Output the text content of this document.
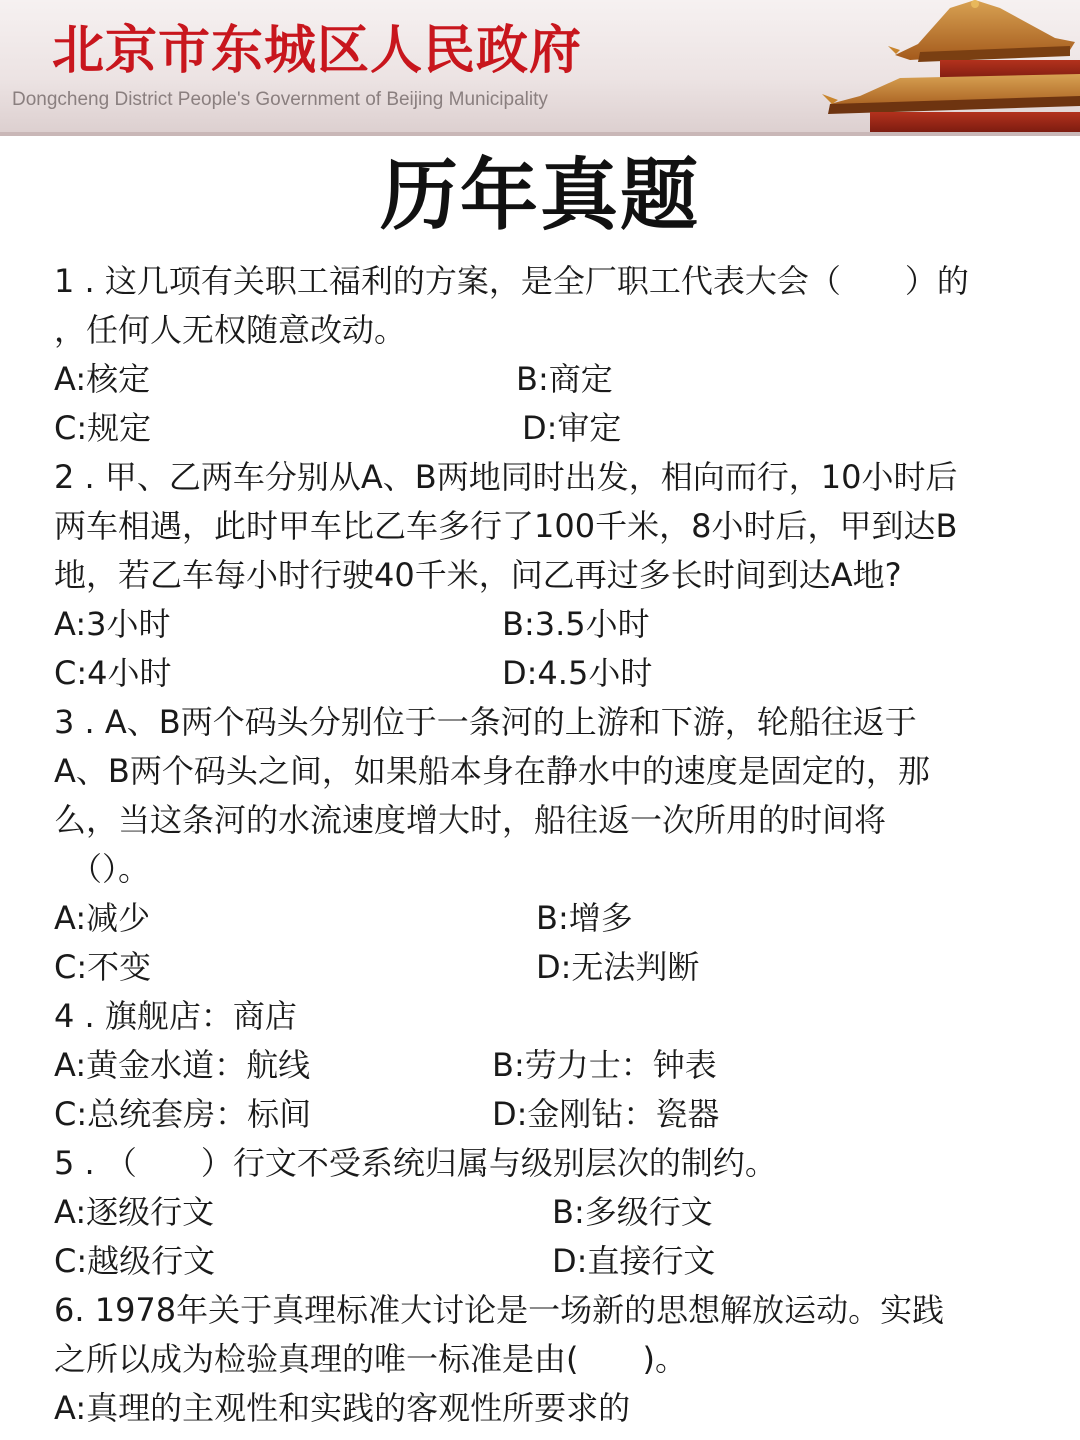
北京市东城区人民政府
Dongcheng District People's Government of Beijing Municipality
历年真题
1 . 这几项有关职工福利的方案，是全厂职工代表大会（　　）的
，任何人无权随意改动。
A:核定	B:商定
C:规定	D:审定
2 . 甲、乙两车分别从A、B两地同时出发，相向而行，10小时后
两车相遇，此时甲车比乙车多行了100千米，8小时后，甲到达B
地，若乙车每小时行驶40千米，问乙再过多长时间到达A地?
A:3小时	B:3.5小时
C:4小时	D:4.5小时
3 . A、B两个码头分别位于一条河的上游和下游，轮船往返于
A、B两个码头之间，如果船本身在静水中的速度是固定的，那
么，当这条河的水流速度增大时，船往返一次所用的时间将
（）。
A:减少	B:增多
C:不变	D:无法判断
4 . 旗舰店：商店
A:黄金水道：航线	B:劳力士：钟表
C:总统套房：标间	D:金刚钻：瓷器
5 . （　　）行文不受系统归属与级别层次的制约。
A:逐级行文	B:多级行文
C:越级行文	D:直接行文
6. 1978年关于真理标准大讨论是一场新的思想解放运动。实践
之所以成为检验真理的唯一标准是由(　　)。
A:真理的主观性和实践的客观性所要求的
